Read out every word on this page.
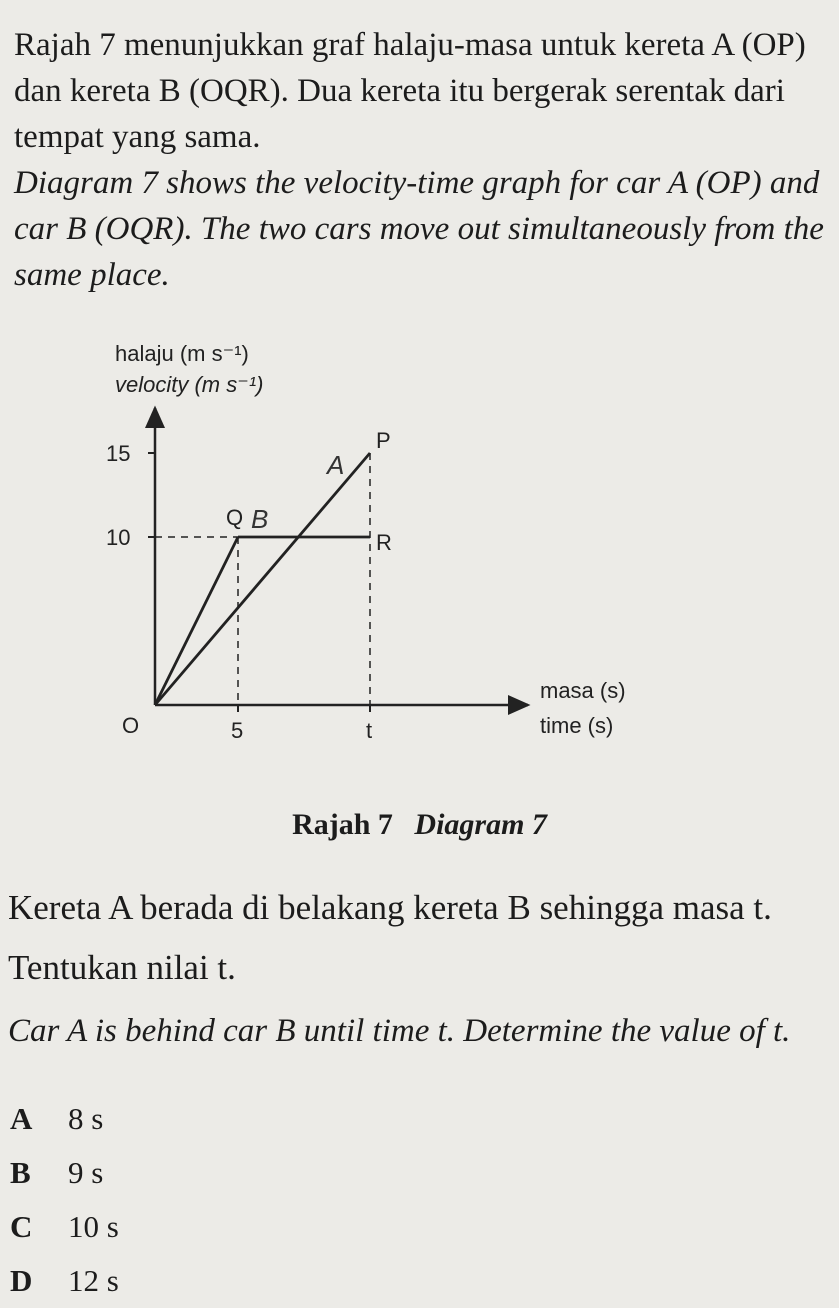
Rajah 7 menunjukkan graf halaju-masa untuk kereta A (OP) dan kereta B (OQR). Dua kereta itu bergerak serentak dari tempat yang sama.

Diagram 7 shows the velocity-time graph for car A (OP) and car B (OQR). The two cars move out simultaneously from the same place.

halaju (m s⁻¹)
velocity (m s⁻¹)
15
10
O	5	t
masa (s)
time (s)
P
Q
R
A
B
Rajah 7 Diagram 7

Kereta A berada di belakang kereta B sehingga masa t. Tentukan nilai t.

Car A is behind car B until time t. Determine the value of t.

A	8 s
B	9 s
C	10 s
D	12 s
